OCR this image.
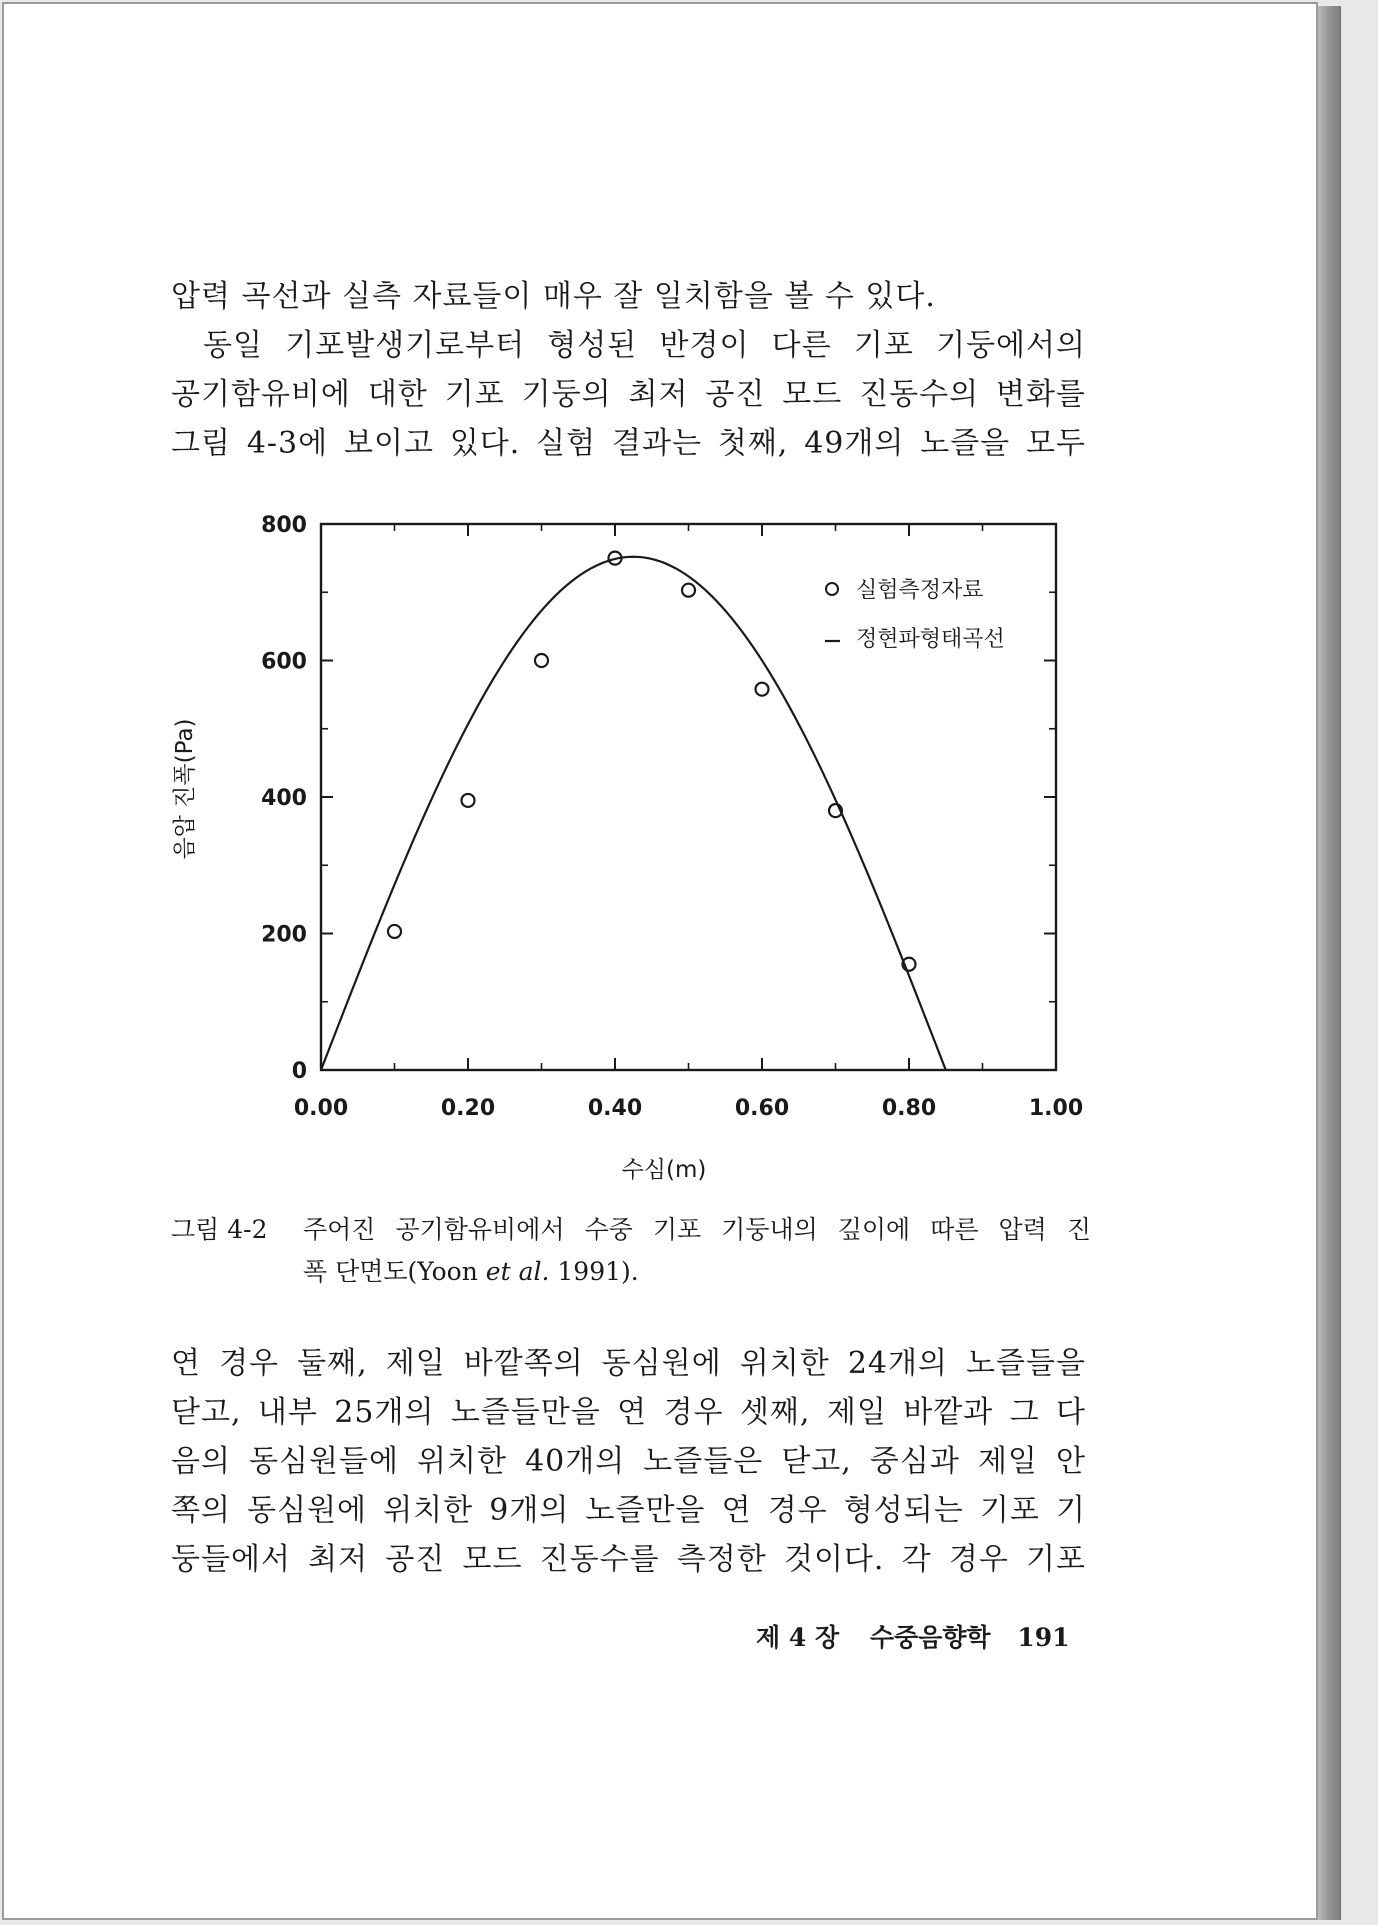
압력 곡선과 실측 자료들이 매우 잘 일치함을 볼 수 있다.
동일 기포발생기로부터 형성된 반경이 다른 기포 기둥에서의
공기함유비에 대한 기포 기둥의 최저 공진 모드 진동수의 변화를
그림 4-3에 보이고 있다. 실험 결과는 첫째, 49개의 노즐을 모두
0.00	0.20	0.40	0.60	0.80	1.00
0
200
400
600
800
실험측정자료
정현파형태곡선
수심(m)
음압 진폭(Pa)
그림 4-2 주어진 공기함유비에서 수중 기포 기둥내의 깊이에 따른 압력 진
폭 단면도(Yoon et al. 1991).
연 경우 둘째, 제일 바깥쪽의 동심원에 위치한 24개의 노즐들을
닫고, 내부 25개의 노즐들만을 연 경우 셋째, 제일 바깥과 그 다
음의 동심원들에 위치한 40개의 노즐들은 닫고, 중심과 제일 안
쪽의 동심원에 위치한 9개의 노즐만을 연 경우 형성되는 기포 기
둥들에서 최저 공진 모드 진동수를 측정한 것이다. 각 경우 기포
제 4 장 수중음향학 191
